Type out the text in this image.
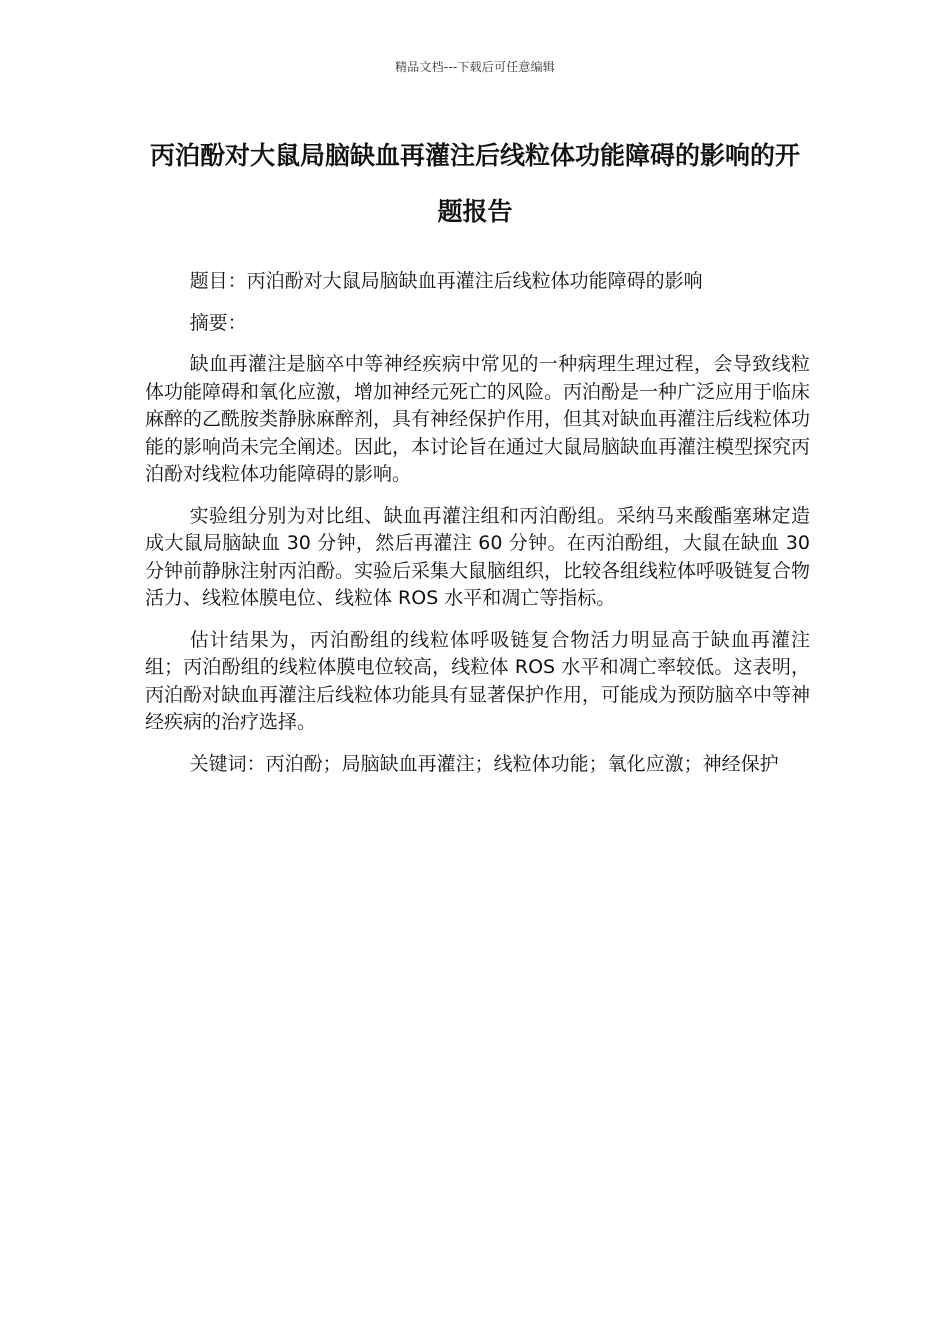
精品文档---下载后可任意编辑
丙泊酚对大鼠局脑缺血再灌注后线粒体功能障碍的影响的开题报告

题目：丙泊酚对大鼠局脑缺血再灌注后线粒体功能障碍的影响

摘要：

缺血再灌注是脑卒中等神经疾病中常见的一种病理生理过程，会导致线粒体功能障碍和氧化应激，增加神经元死亡的风险。丙泊酚是一种广泛应用于临床麻醉的乙酰胺类静脉麻醉剂，具有神经保护作用，但其对缺血再灌注后线粒体功能的影响尚未完全阐述。因此，本讨论旨在通过大鼠局脑缺血再灌注模型探究丙泊酚对线粒体功能障碍的影响。

实验组分别为对比组、缺血再灌注组和丙泊酚组。采纳马来酸酯塞琳定造成大鼠局脑缺血 30 分钟，然后再灌注 60 分钟。在丙泊酚组，大鼠在缺血 30 分钟前静脉注射丙泊酚。实验后采集大鼠脑组织，比较各组线粒体呼吸链复合物活力、线粒体膜电位、线粒体 ROS 水平和凋亡等指标。

估计结果为，丙泊酚组的线粒体呼吸链复合物活力明显高于缺血再灌注组；丙泊酚组的线粒体膜电位较高，线粒体 ROS 水平和凋亡率较低。这表明，丙泊酚对缺血再灌注后线粒体功能具有显著保护作用，可能成为预防脑卒中等神经疾病的治疗选择。

关键词：丙泊酚；局脑缺血再灌注；线粒体功能；氧化应激；神经保护
